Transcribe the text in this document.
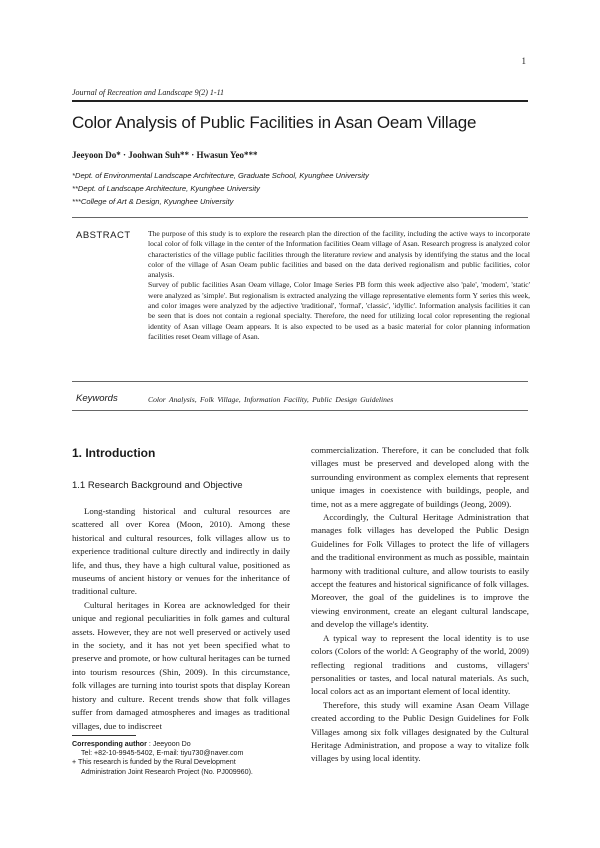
1
Journal of Recreation and Landscape 9(2) 1-11
Color Analysis of Public Facilities in Asan Oeam Village
Jeeyoon Do* · Joohwan Suh** · Hwasun Yeo***
*Dept. of Environmental Landscape Architecture, Graduate School, Kyunghee University
**Dept. of Landscape Architecture, Kyunghee University
***College of Art & Design, Kyunghee University
ABSTRACT The purpose of this study is to explore the research plan the direction of the facility, including the active ways to incorporate local color of folk village in the center of the Information facilities Oeam village of Asan. Research progress is analyzed color characteristics of the village public facilities through the literature review and analysis by identifying the status and the local color of the village of Asan Oeam public facilities and based on the data derived regionalism and public facilities, color analysis.

Survey of public facilities Asan Oeam village, Color Image Series PB form this week adjective also 'pale', 'modern', 'static' were analyzed as 'simple'. But regionalism is extracted analyzing the village representative elements form Y series this week, and color images were analyzed by the adjective 'traditional', 'formal', 'classic', 'idyllic'. Information analysis facilities it can be seen that is does not contain a regional specialty. Therefore, the need for utilizing local color representing the regional identity of Asan village Oeam appears. It is also expected to be used as a basic material for color planning information facilities reset Oeam village of Asan.

Keywords	Color Analysis, Folk Village, Information Facility, Public Design Guidelines
1. Introduction
1.1 Research Background and Objective

Long-standing historical and cultural resources are scattered all over Korea (Moon, 2010). Among these historical and cultural resources, folk villages allow us to experience traditional culture directly and indirectly in daily life, and thus, they have a high cultural value, positioned as museums of ancient history or venues for the inheritance of traditional culture.

Cultural heritages in Korea are acknowledged for their unique and regional peculiarities in folk games and cultural assets. However, they are not well preserved or actively used in the society, and it has not yet been specified what to preserve and promote, or how cultural heritages can be turned into tourism resources (Shin, 2009). In this circumstance, folk villages are turning into tourist spots that display Korean history and culture. Recent trends show that folk villages suffer from damaged atmospheres and images as traditional villages, due to indiscreet

commercialization. Therefore, it can be concluded that folk villages must be preserved and developed along with the surrounding environment as complex elements that represent unique images in coexistence with buildings, people, and time, not as a mere aggregate of buildings (Jeong, 2009).

Accordingly, the Cultural Heritage Administration that manages folk villages has developed the Public Design Guidelines for Folk Villages to protect the life of villagers and the traditional environment as much as possible, maintain harmony with traditional culture, and allow tourists to easily accept the features and historical significance of folk villages. Moreover, the goal of the guidelines is to improve the viewing environment, create an elegant cultural landscape, and develop the village's identity.

A typical way to represent the local identity is to use colors (Colors of the world: A Geography of the world, 2009) reflecting regional traditions and customs, villagers' personalities or tastes, and local natural materials. As such, local colors act as an important element of local identity.

Therefore, this study will examine Asan Oeam Village created according to the Public Design Guidelines for Folk Villages among six folk villages designated by the Cultural Heritage Administration, and propose a way to vitalize folk villages by using local identity.

Corresponding author : Jeeyoon Do
Tel: +82-10-9945-5402, E-mail: tiyu730@naver.com
+ This research is funded by the Rural Development
Administration Joint Research Project (No. PJ009960).
